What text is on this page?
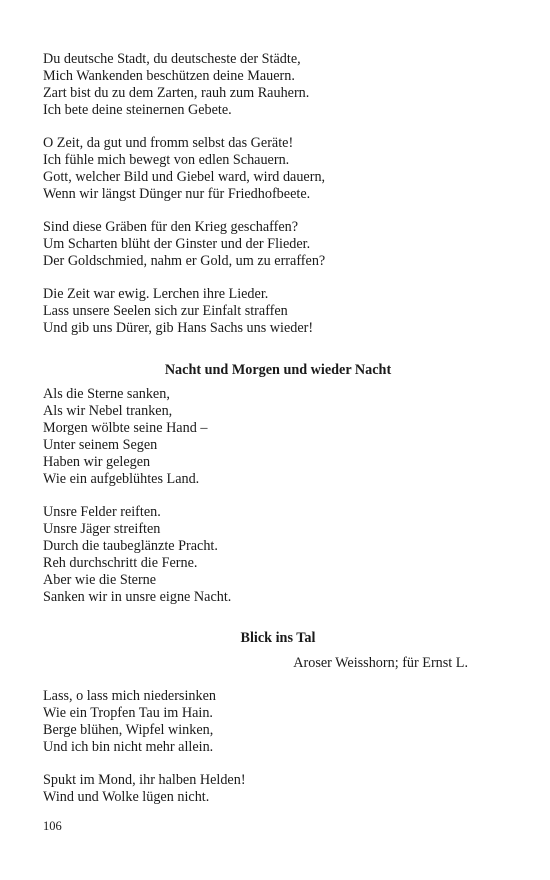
Du deutsche Stadt, du deutscheste der Städte,
Mich Wankenden beschützen deine Mauern.
Zart bist du zu dem Zarten, rauh zum Rauhern.
Ich bete deine steinernen Gebete.
O Zeit, da gut und fromm selbst das Geräte!
Ich fühle mich bewegt von edlen Schauern.
Gott, welcher Bild und Giebel ward, wird dauern,
Wenn wir längst Dünger nur für Friedhofbeete.
Sind diese Gräben für den Krieg geschaffen?
Um Scharten blüht der Ginster und der Flieder.
Der Goldschmied, nahm er Gold, um zu erraffen?
Die Zeit war ewig. Lerchen ihre Lieder.
Lass unsere Seelen sich zur Einfalt straffen
Und gib uns Dürer, gib Hans Sachs uns wieder!
Nacht und Morgen und wieder Nacht
Als die Sterne sanken,
Als wir Nebel tranken,
Morgen wölbte seine Hand –
Unter seinem Segen
Haben wir gelegen
Wie ein aufgeblühtes Land.
Unsre Felder reiften.
Unsre Jäger streiften
Durch die taubeglänzte Pracht.
Reh durchschritt die Ferne.
Aber wie die Sterne
Sanken wir in unsre eigne Nacht.
Blick ins Tal
Aroser Weisshorn; für Ernst L.
Lass, o lass mich niedersinken
Wie ein Tropfen Tau im Hain.
Berge blühen, Wipfel winken,
Und ich bin nicht mehr allein.
Spukt im Mond, ihr halben Helden!
Wind und Wolke lügen nicht.
106
